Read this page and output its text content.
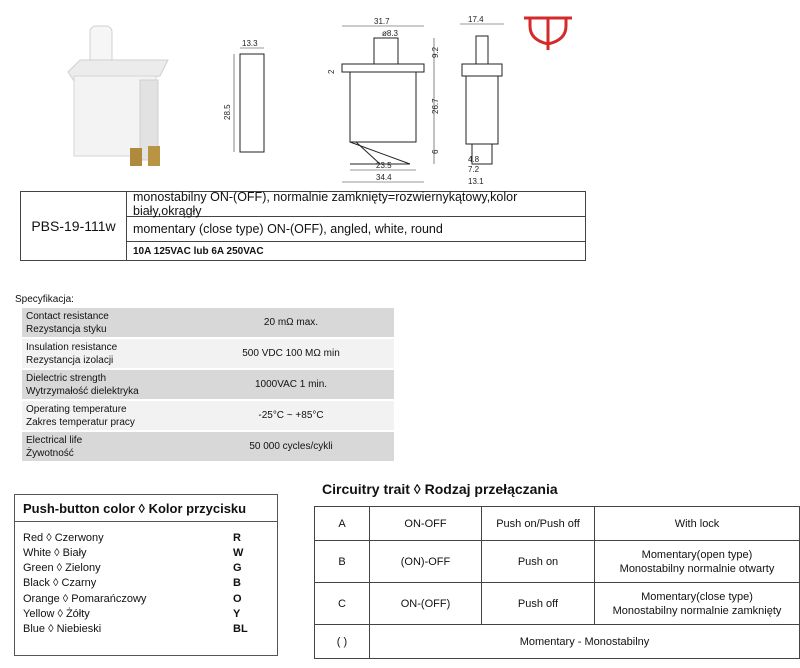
13.3
28.5
31.7
ø8.3
9.2
26.7
6
2
23.5
34.4
17.4
4.8
7.2
13.1
PBS-19-111w
monostabilny ON-(OFF), normalnie zamknięty=rozwiernykątowy,kolor biały,okrągły
momentary (close type) ON-(OFF), angled, white, round
10A 125VAC lub 6A 250VAC
Specyfikacja:
Contact resistance
Rezystancja styku	20 mΩ max.
Insulation resistance
Rezystancja izolacji	500 VDC 100 MΩ min
Dielectric strength
Wytrzymałość dielektryka	1000VAC 1 min.
Operating temperature
Zakres temperatur pracy	-25°C ~ +85°C
Electrical life
Żywotność	50 000 cycles/cykli
Push-button color ◊ Kolor przycisku
Red ◊ Czerwony	R
White ◊ Biały	W
Green ◊ Zielony	G
Black ◊ Czarny	B
Orange ◊ Pomarańczowy	O
Yellow ◊ Żółty	Y
Blue ◊ Niebieski	BL
Circuitry trait ◊ Rodzaj przełączania
A	ON-OFF	Push on/Push off	With lock
B	(ON)-OFF	Push on	Momentary(open type)
Monostabilny normalnie otwarty
C	ON-(OFF)	Push off	Momentary(close type)
Monostabilny normalnie zamknięty
( )	Momentary - Monostabilny		
